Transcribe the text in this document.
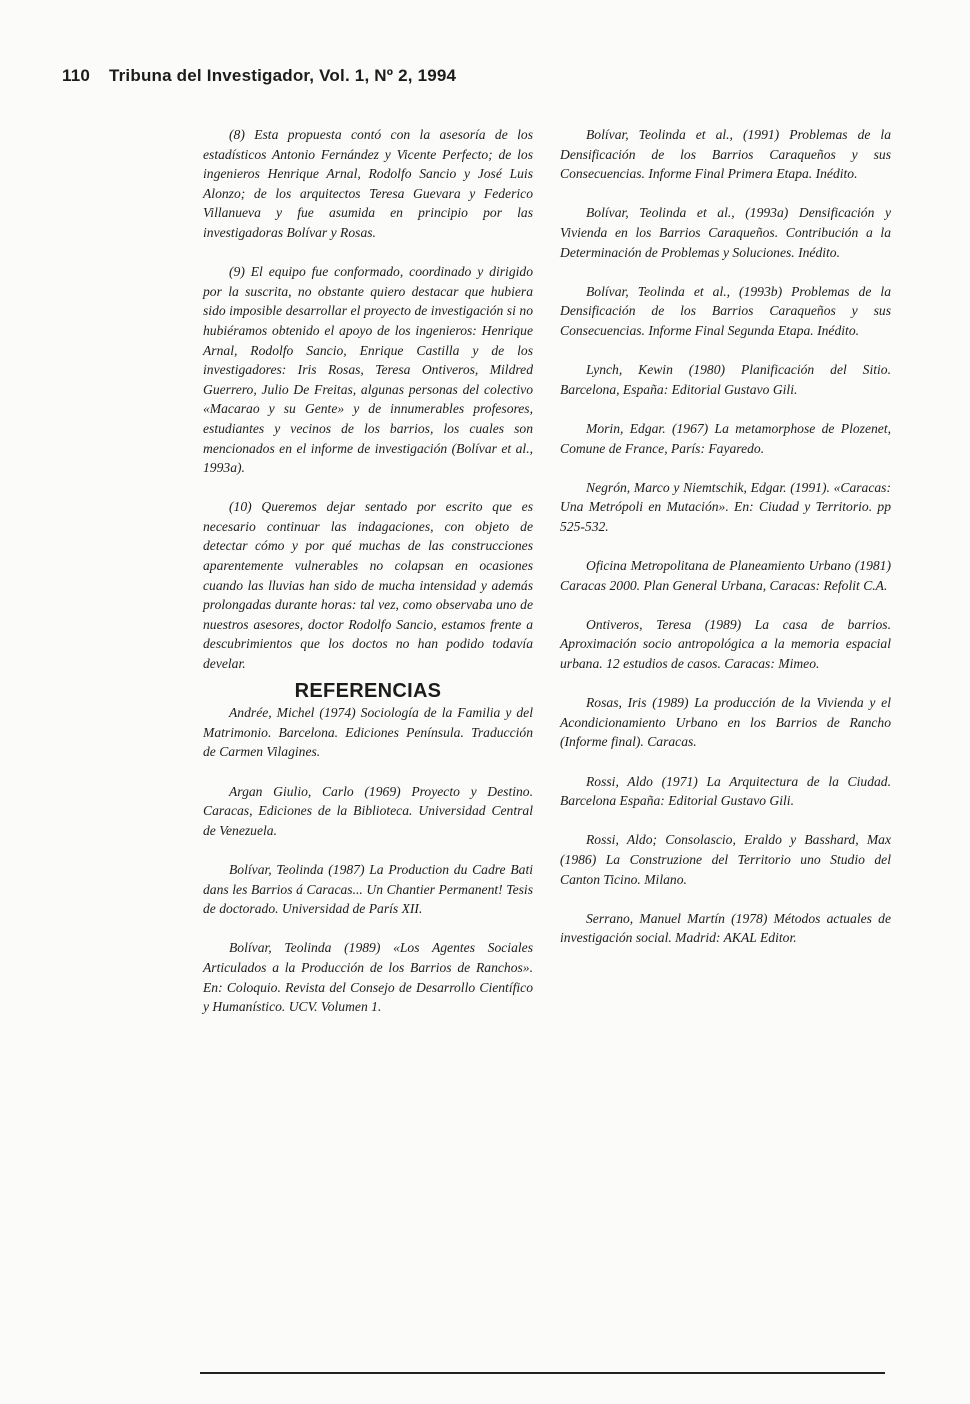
110 Tribuna del Investigador, Vol. 1, Nº 2, 1994

(8) Esta propuesta contó con la asesoría de los estadísticos Antonio Fernández y Vicente Perfecto; de los ingenieros Henrique Arnal, Rodolfo Sancio y José Luis Alonzo; de los arquitectos Teresa Guevara y Federico Villanueva y fue asumida en principio por las investigadoras Bolívar y Rosas.

(9) El equipo fue conformado, coordinado y dirigido por la suscrita, no obstante quiero destacar que hubiera sido imposible desarrollar el proyecto de investigación si no hubiéramos obtenido el apoyo de los ingenieros: Henrique Arnal, Rodolfo Sancio, Enrique Castilla y de los investigadores: Iris Rosas, Teresa Ontiveros, Mildred Guerrero, Julio De Freitas, algunas personas del colectivo «Macarao y su Gente» y de innumerables profesores, estudiantes y vecinos de los barrios, los cuales son mencionados en el informe de investigación (Bolívar et al., 1993a).

(10) Queremos dejar sentado por escrito que es necesario continuar las indagaciones, con objeto de detectar cómo y por qué muchas de las construcciones aparentemente vulnerables no colapsan en ocasiones cuando las lluvias han sido de mucha intensidad y además prolongadas durante horas: tal vez, como observaba uno de nuestros asesores, doctor Rodolfo Sancio, estamos frente a descubrimientos que los doctos no han podido todavía develar.

REFERENCIAS

Andrée, Michel (1974) Sociología de la Familia y del Matrimonio. Barcelona. Ediciones Península. Traducción de Carmen Vilagines.

Argan Giulio, Carlo (1969) Proyecto y Destino. Caracas, Ediciones de la Biblioteca. Universidad Central de Venezuela.

Bolívar, Teolinda (1987) La Production du Cadre Bati dans les Barrios á Caracas... Un Chantier Permanent! Tesis de doctorado. Universidad de París XII.

Bolívar, Teolinda (1989) «Los Agentes Sociales Articulados a la Producción de los Barrios de Ranchos». En: Coloquio. Revista del Consejo de Desarrollo Científico y Humanístico. UCV. Volumen 1.

Bolívar, Teolinda et al., (1991) Problemas de la Densificación de los Barrios Caraqueños y sus Consecuencias. Informe Final Primera Etapa. Inédito.

Bolívar, Teolinda et al., (1993a) Densificación y Vivienda en los Barrios Caraqueños. Contribución a la Determinación de Problemas y Soluciones. Inédito.

Bolívar, Teolinda et al., (1993b) Problemas de la Densificación de los Barrios Caraqueños y sus Consecuencias. Informe Final Segunda Etapa. Inédito.

Lynch, Kewin (1980) Planificación del Sitio. Barcelona, España: Editorial Gustavo Gili.

Morin, Edgar. (1967) La metamorphose de Plozenet, Comune de France, París: Fayaredo.

Negrón, Marco y Niemtschik, Edgar. (1991). «Caracas: Una Metrópoli en Mutación». En: Ciudad y Territorio. pp 525-532.

Oficina Metropolitana de Planeamiento Urbano (1981) Caracas 2000. Plan General Urbana, Caracas: Refolit C.A.

Ontiveros, Teresa (1989) La casa de barrios. Aproximación socio antropológica a la memoria espacial urbana. 12 estudios de casos. Caracas: Mimeo.

Rosas, Iris (1989) La producción de la Vivienda y el Acondicionamiento Urbano en los Barrios de Rancho (Informe final). Caracas.

Rossi, Aldo (1971) La Arquitectura de la Ciudad. Barcelona España: Editorial Gustavo Gili.

Rossi, Aldo; Consolascio, Eraldo y Basshard, Max (1986) La Construzione del Territorio uno Studio del Canton Ticino. Milano.

Serrano, Manuel Martín (1978) Métodos actuales de investigación social. Madrid: AKAL Editor.
